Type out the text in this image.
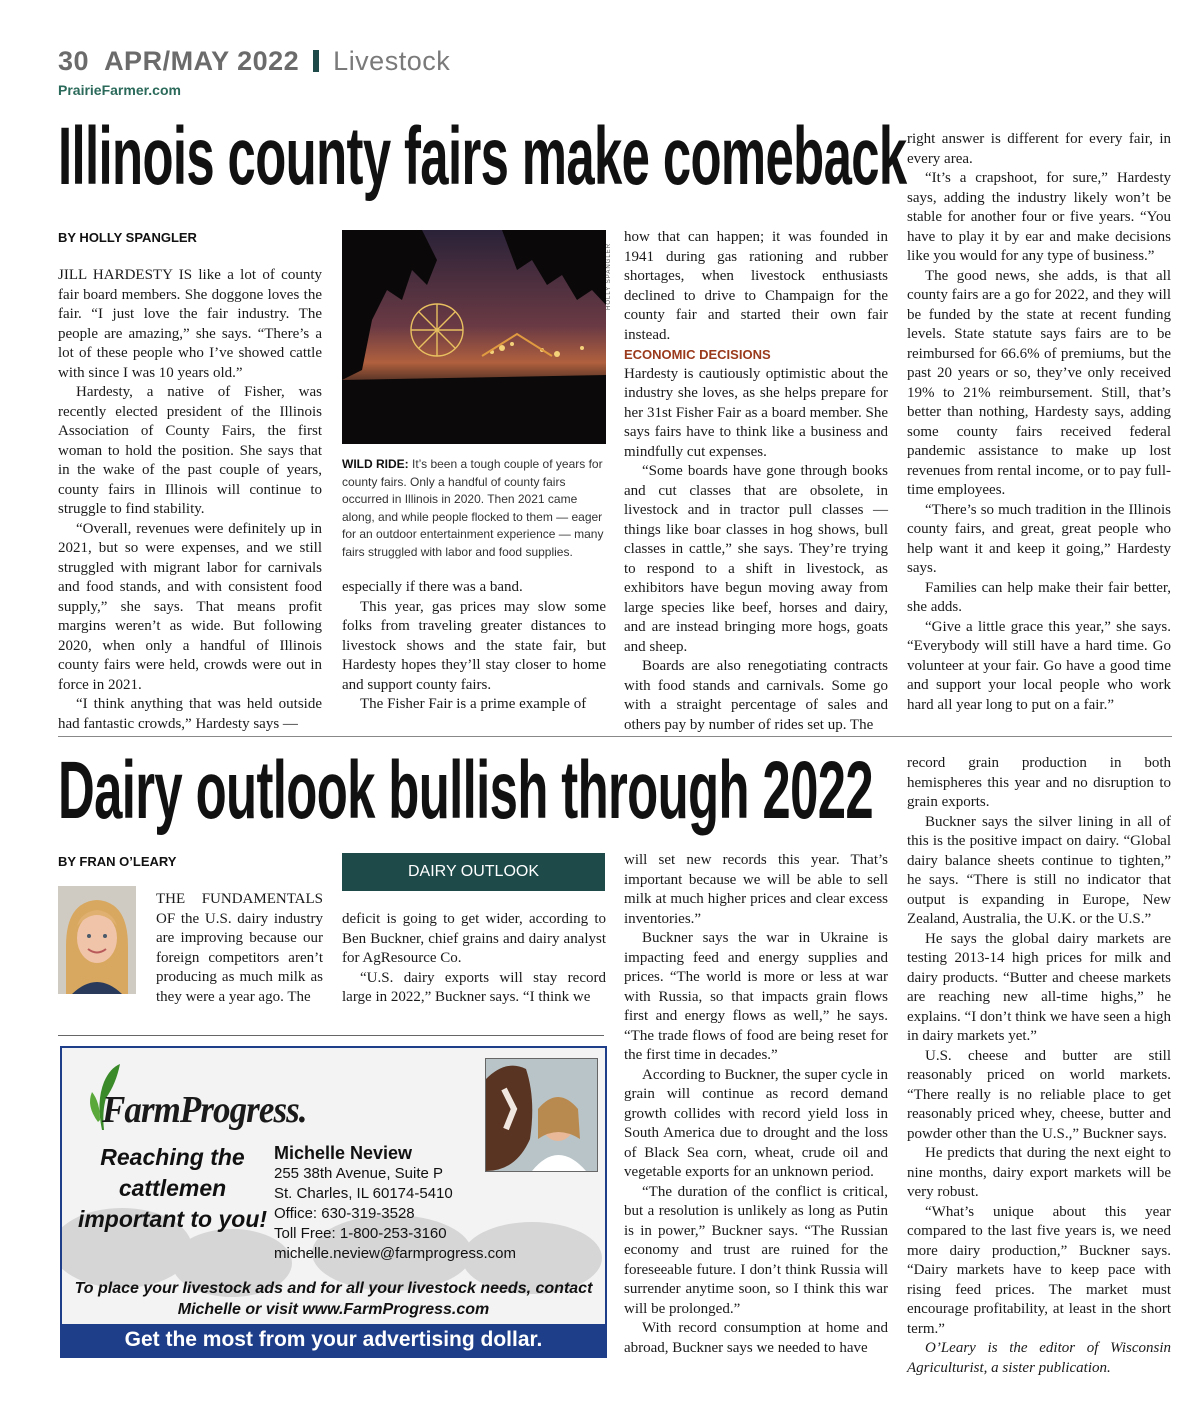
30 APR/MAY 2022 Livestock
PrairieFarmer.com
Illinois county fairs make comeback
BY HOLLY SPANGLER

JILL HARDESTY IS like a lot of county fair board members. She doggone loves the fair. “I just love the fair industry. The people are amazing,” she says. “There’s a lot of these people who I’ve showed cattle with since I was 10 years old.”

Hardesty, a native of Fisher, was recently elected president of the Illinois Association of County Fairs, the first woman to hold the position. She says that in the wake of the past couple of years, county fairs in Illinois will continue to struggle to find stability.

“Overall, revenues were definitely up in 2021, but so were expenses, and we still struggled with migrant labor for carnivals and food stands, and with consistent food supply,” she says. That means profit margins weren’t as wide. But following 2020, when only a handful of Illinois county fairs were held, crowds were out in force in 2021.

“I think anything that was held outside had fantastic crowds,” Hardesty says —

HOLLY SPANGLER
WILD RIDE: It’s been a tough couple of years for county fairs. Only a handful of county fairs occurred in Illinois in 2020. Then 2021 came along, and while people flocked to them — eager for an outdoor entertainment experience — many fairs struggled with labor and food supplies.

especially if there was a band.

This year, gas prices may slow some folks from traveling greater distances to livestock shows and the state fair, but Hardesty hopes they’ll stay closer to home and support county fairs.

The Fisher Fair is a prime example of

how that can happen; it was founded in 1941 during gas rationing and rubber shortages, when livestock enthusiasts declined to drive to Champaign for the county fair and started their own fair instead.

ECONOMIC DECISIONS

Hardesty is cautiously optimistic about the industry she loves, as she helps prepare for her 31st Fisher Fair as a board member. She says fairs have to think like a business and mindfully cut expenses.

“Some boards have gone through books and cut classes that are obsolete, in livestock and in tractor pull classes — things like boar classes in hog shows, bull classes in cattle,” she says. They’re trying to respond to a shift in livestock, as exhibitors have begun moving away from large species like beef, horses and dairy, and are instead bringing more hogs, goats and sheep.

Boards are also renegotiating contracts with food stands and carnivals. Some go with a straight percentage of sales and others pay by number of rides set up. The

right answer is different for every fair, in every area.

“It’s a crapshoot, for sure,” Hardesty says, adding the industry likely won’t be stable for another four or five years. “You have to play it by ear and make decisions like you would for any type of business.”

The good news, she adds, is that all county fairs are a go for 2022, and they will be funded by the state at recent funding levels. State statute says fairs are to be reimbursed for 66.6% of premiums, but the past 20 years or so, they’ve only received 19% to 21% reimbursement. Still, that’s better than nothing, Hardesty says, adding some county fairs received federal pandemic assistance to make up lost revenues from rental income, or to pay full-time employees.

“There’s so much tradition in the Illinois county fairs, and great, great people who help want it and keep it going,” Hardesty says.

Families can help make their fair better, she adds.

“Give a little grace this year,” she says. “Everybody will still have a hard time. Go volunteer at your fair. Go have a good time and support your local people who work hard all year long to put on a fair.”

Dairy outlook bullish through 2022
BY FRAN O’LEARY

THE FUNDAMENTALS OF the U.S. dairy industry are improving because our foreign competitors aren’t producing as much milk as they were a year ago. The

DAIRY OUTLOOK

deficit is going to get wider, according to Ben Buckner, chief grains and dairy analyst for AgResource Co.

“U.S. dairy exports will stay record large in 2022,” Buckner says. “I think we

will set new records this year. That’s important because we will be able to sell milk at much higher prices and clear excess inventories.”

Buckner says the war in Ukraine is impacting feed and energy supplies and prices. “The world is more or less at war with Russia, so that impacts grain flows first and energy flows as well,” he says. “The trade flows of food are being reset for the first time in decades.”

According to Buckner, the super cycle in grain will continue as record demand growth collides with record yield loss in South America due to drought and the loss of Black Sea corn, wheat, crude oil and vegetable exports for an unknown period.

“The duration of the conflict is critical, but a resolution is unlikely as long as Putin is in power,” Buckner says. “The Russian economy and trust are ruined for the foreseeable future. I don’t think Russia will surrender anytime soon, so I think this war will be prolonged.”

With record consumption at home and abroad, Buckner says we needed to have

record grain production in both hemispheres this year and no disruption to grain exports.

Buckner says the silver lining in all of this is the positive impact on dairy. “Global dairy balance sheets continue to tighten,” he says. “There is still no indicator that output is expanding in Europe, New Zealand, Australia, the U.K. or the U.S.”

He says the global dairy markets are testing 2013-14 high prices for milk and dairy products. “Butter and cheese markets are reaching new all-time highs,” he explains. “I don’t think we have seen a high in dairy markets yet.”

U.S. cheese and butter are still reasonably priced on world markets. “There really is no reliable place to get reasonably priced whey, cheese, butter and powder other than the U.S.,” Buckner says.

He predicts that during the next eight to nine months, dairy export markets will be very robust.

“What’s unique about this year compared to the last five years is, we need more dairy production,” Buckner says. “Dairy markets have to keep pace with rising feed prices. The market must encourage profitability, at least in the short term.”

O’Leary is the editor of Wisconsin Agriculturist, a sister publication.

FarmProgress.
Reaching the cattlemen important to you!
Michelle Neview
255 38th Avenue, Suite P
St. Charles, IL 60174-5410
Office: 630-319-3528
Toll Free: 1-800-253-3160
michelle.neview@farmprogress.com
To place your livestock ads and for all your livestock needs, contact Michelle or visit www.FarmProgress.com
Get the most from your advertising dollar.
